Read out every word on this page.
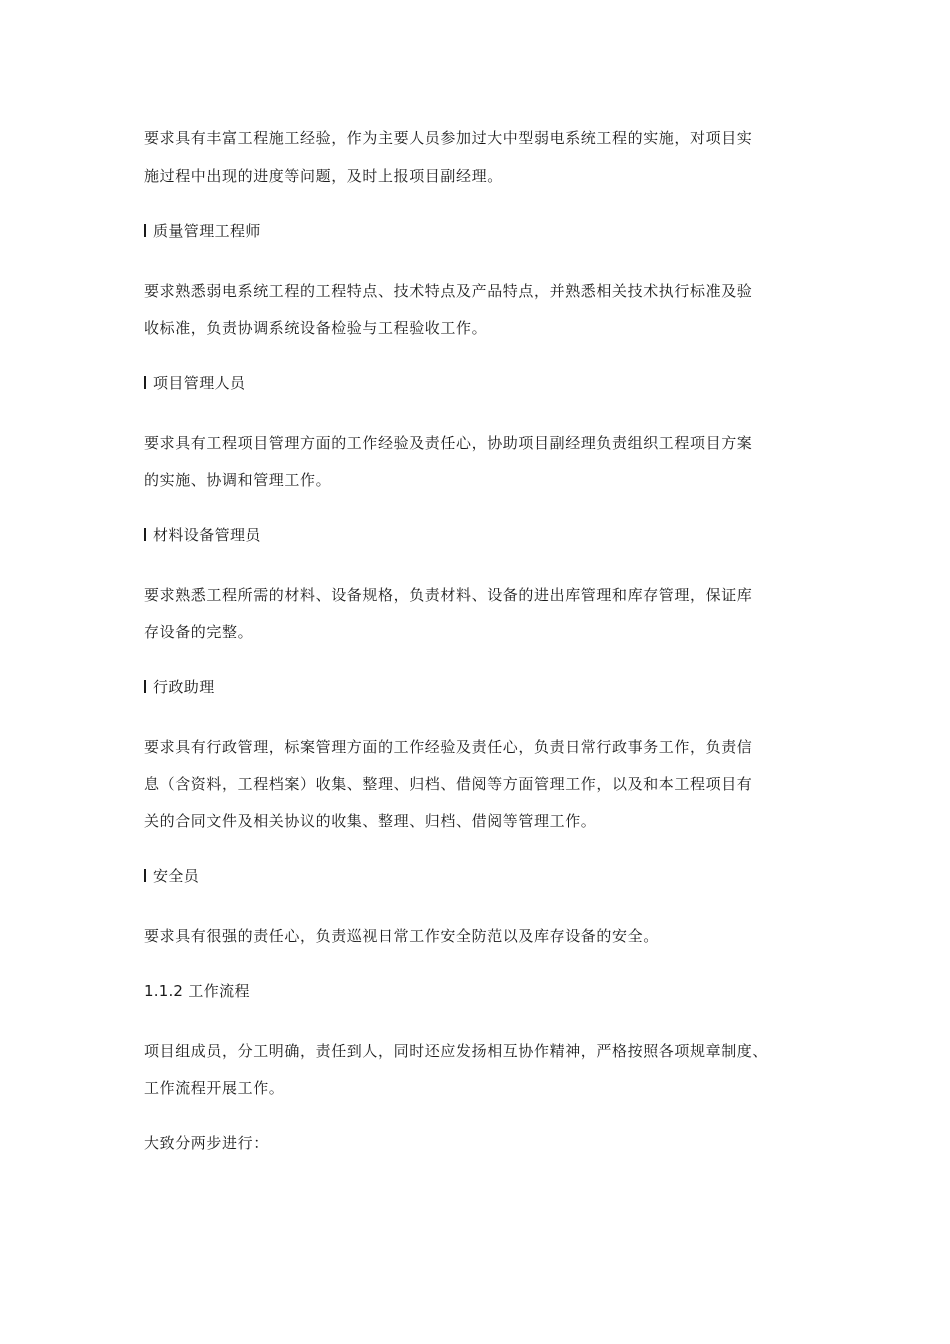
要求具有丰富工程施工经验，作为主要人员参加过大中型弱电系统工程的实施，对项目实
施过程中出现的进度等问题，及时上报项目副经理。
质量管理工程师
要求熟悉弱电系统工程的工程特点、技术特点及产品特点，并熟悉相关技术执行标准及验
收标准，负责协调系统设备检验与工程验收工作。
项目管理人员
要求具有工程项目管理方面的工作经验及责任心，协助项目副经理负责组织工程项目方案
的实施、协调和管理工作。
材料设备管理员
要求熟悉工程所需的材料、设备规格，负责材料、设备的进出库管理和库存管理，保证库
存设备的完整。
行政助理
要求具有行政管理，标案管理方面的工作经验及责任心，负责日常行政事务工作，负责信
息（含资料，工程档案）收集、整理、归档、借阅等方面管理工作，以及和本工程项目有
关的合同文件及相关协议的收集、整理、归档、借阅等管理工作。
安全员
要求具有很强的责任心，负责巡视日常工作安全防范以及库存设备的安全。
1.1.2 工作流程
项目组成员，分工明确，责任到人，同时还应发扬相互协作精神，严格按照各项规章制度、
工作流程开展工作。
大致分两步进行：
